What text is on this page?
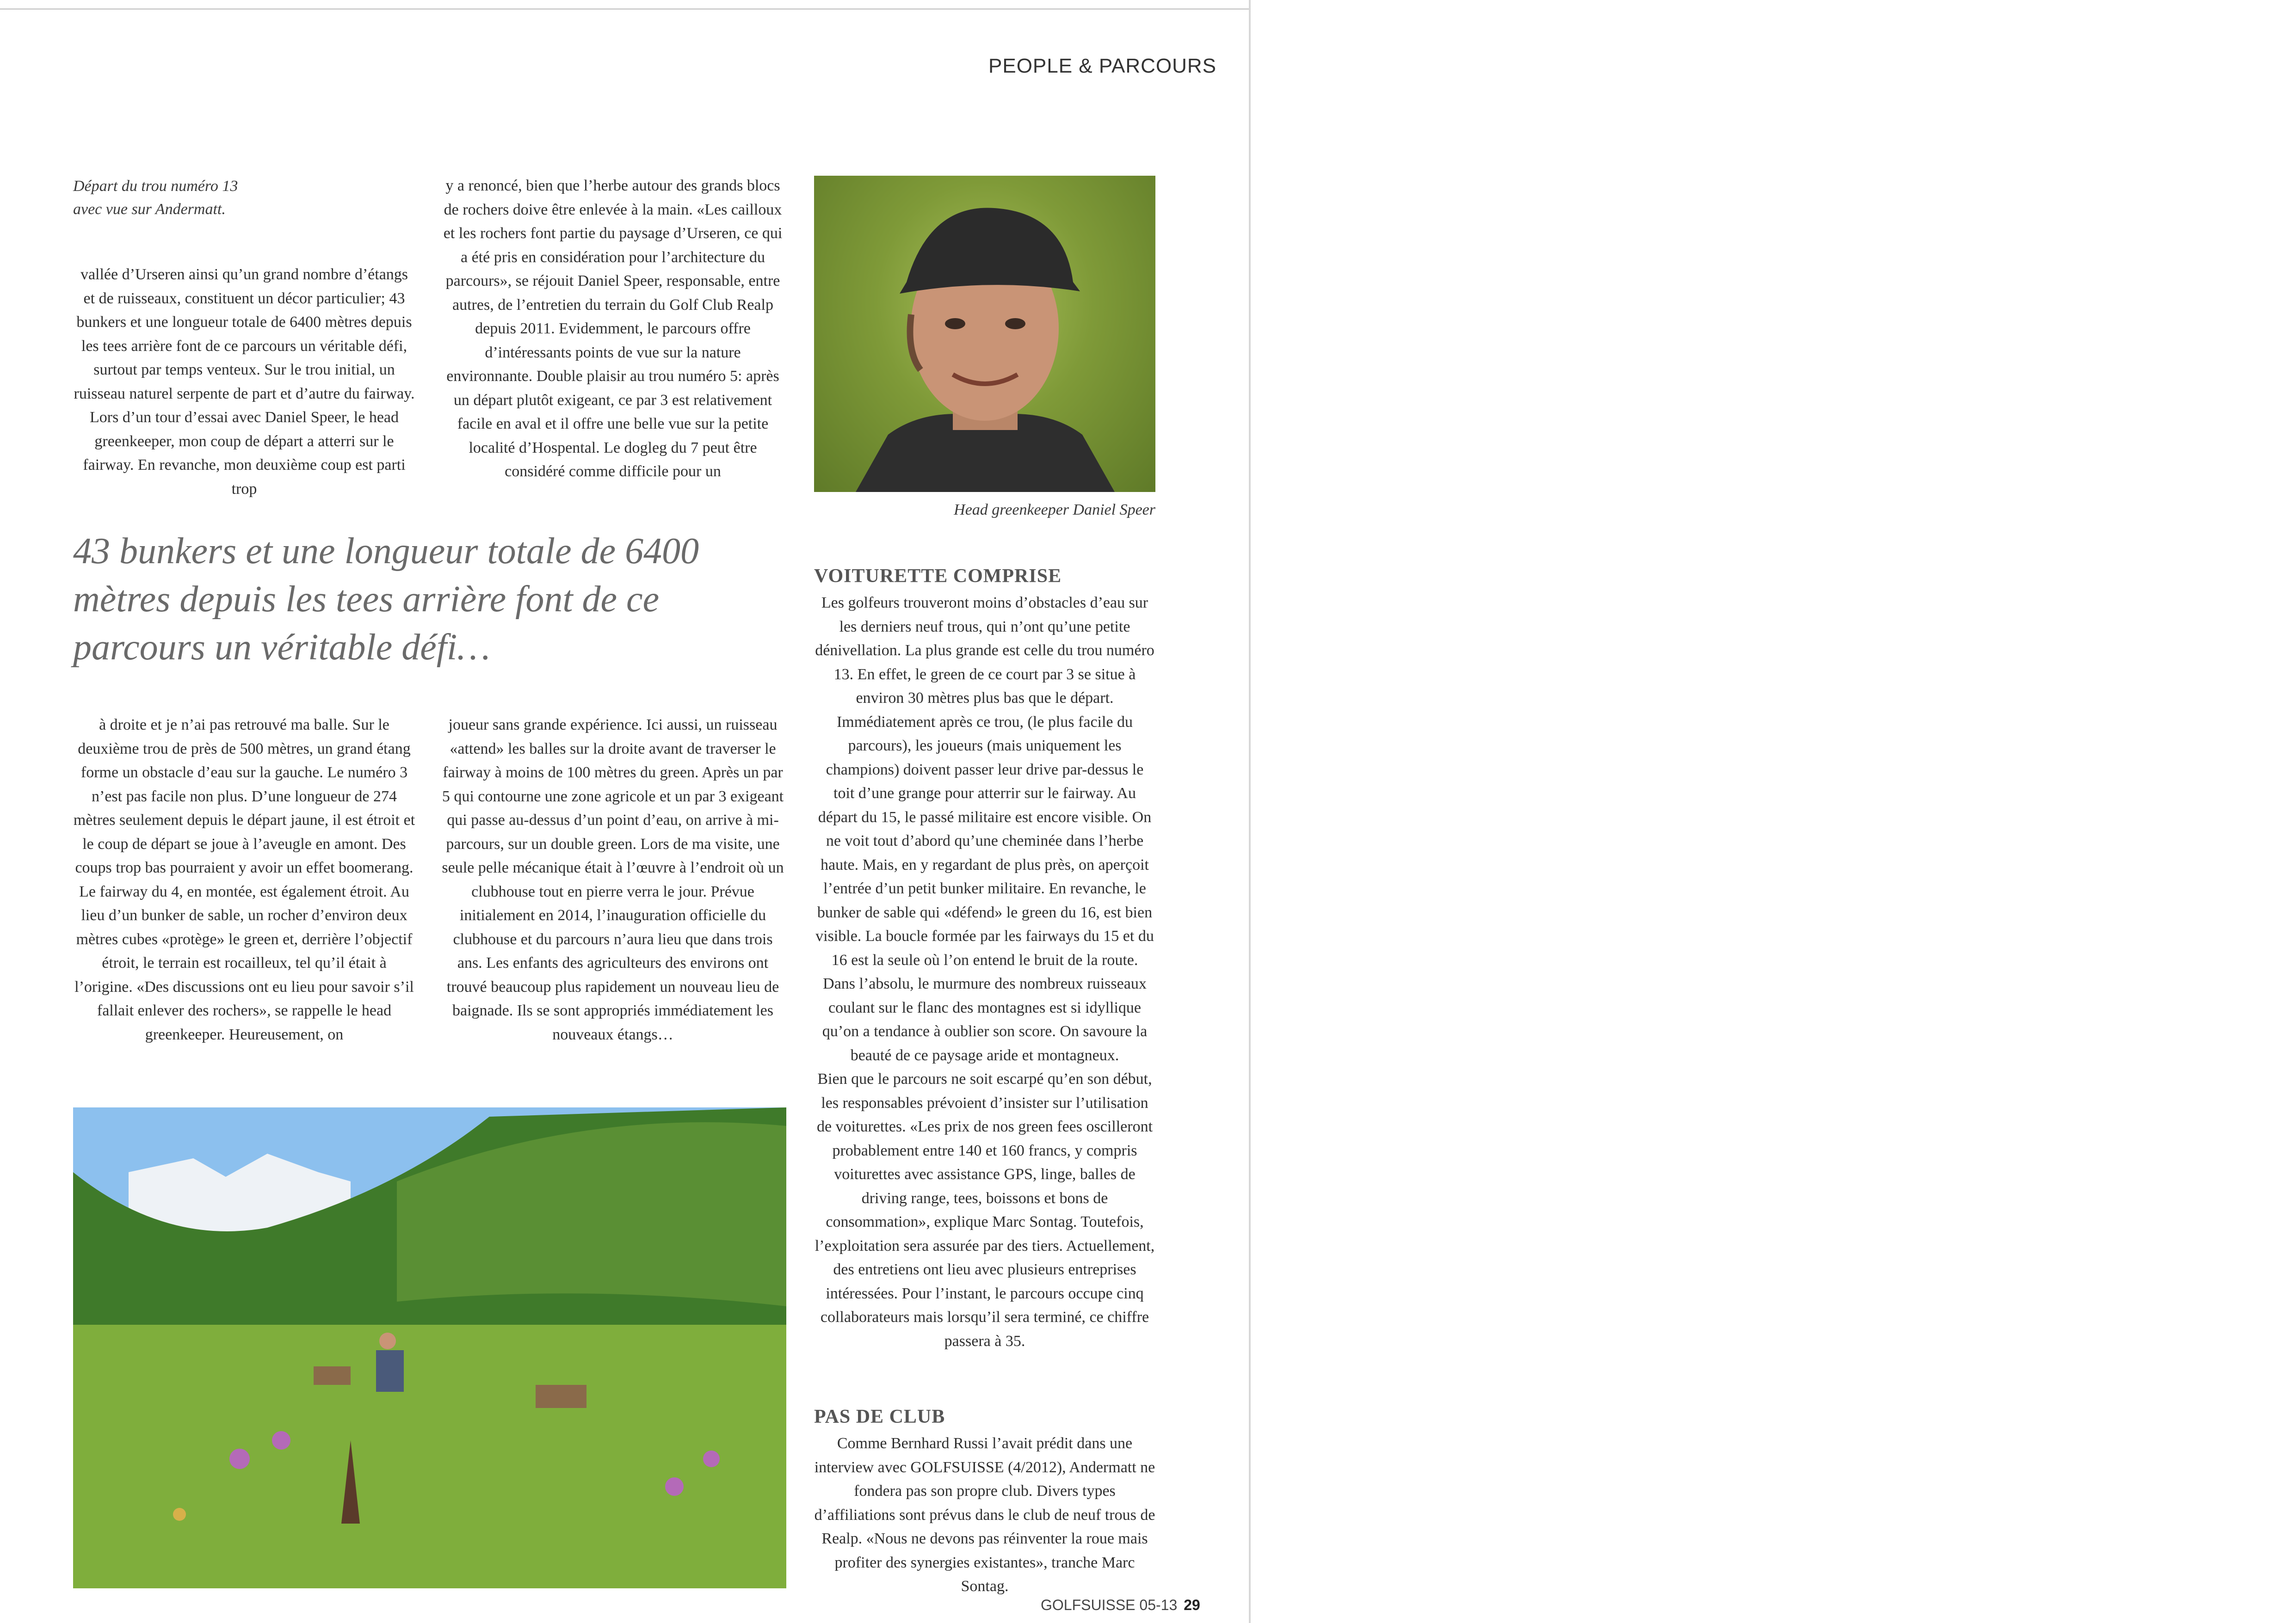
PEOPLE & PARCOURS
Départ du trou numéro 13
avec vue sur Andermatt.

vallée d’Urseren ainsi qu’un grand nombre d’étangs et de ruisseaux, constituent un décor particulier; 43 bunkers et une longueur totale de 6400 mètres depuis les tees arrière font de ce parcours un véritable défi, surtout par temps venteux. Sur le trou initial, un ruisseau naturel serpente de part et d’autre du fairway. Lors d’un tour d’essai avec Daniel Speer, le head greenkeeper, mon coup de départ a atterri sur le fairway. En revanche, mon deuxième coup est parti trop

y a renoncé, bien que l’herbe autour des grands blocs de rochers doive être enlevée à la main. «Les cailloux et les rochers font partie du paysage d’Urseren, ce qui a été pris en considération pour l’architecture du parcours», se réjouit Daniel Speer, responsable, entre autres, de l’entretien du terrain du Golf Club Realp depuis 2011. Evidemment, le parcours offre d’intéressants points de vue sur la nature environnante. Double plaisir au trou numéro 5: après un départ plutôt exigeant, ce par 3 est relativement facile en aval et il offre une belle vue sur la petite localité d’Hospental. Le dogleg du 7 peut être considéré comme difficile pour un

Head greenkeeper Daniel Speer
43 bunkers et une longueur totale de 6400 mètres depuis les tees arrière font de ce parcours un véritable défi…
VOITURETTE COMPRISE

Les golfeurs trouveront moins d’obstacles d’eau sur les derniers neuf trous, qui n’ont qu’une petite dénivellation. La plus grande est celle du trou numéro 13. En effet, le green de ce court par 3 se situe à environ 30 mètres plus bas que le départ. Immédiatement après ce trou, (le plus facile du parcours), les joueurs (mais uniquement les champions) doivent passer leur drive par-dessus le toit d’une grange pour atterrir sur le fairway. Au départ du 15, le passé militaire est encore visible. On ne voit tout d’abord qu’une cheminée dans l’herbe haute. Mais, en y regardant de plus près, on aperçoit l’entrée d’un petit bunker militaire. En revanche, le bunker de sable qui «défend» le green du 16, est bien visible. La boucle formée par les fairways du 15 et du 16 est la seule où l’on entend le bruit de la route. Dans l’absolu, le murmure des nombreux ruisseaux coulant sur le flanc des montagnes est si idyllique qu’on a tendance à oublier son score. On savoure la beauté de ce paysage aride et montagneux.

Bien que le parcours ne soit escarpé qu’en son début, les responsables prévoient d’insister sur l’utilisation de voiturettes. «Les prix de nos green fees oscilleront probablement entre 140 et 160 francs, y compris voiturettes avec assistance GPS, linge, balles de driving range, tees, boissons et bons de consommation», explique Marc Sontag. Toutefois, l’exploitation sera assurée par des tiers. Actuellement, des entretiens ont lieu avec plusieurs entreprises intéressées. Pour l’instant, le parcours occupe cinq collaborateurs mais lorsqu’il sera terminé, ce chiffre passera à 35.

à droite et je n’ai pas retrouvé ma balle. Sur le deuxième trou de près de 500 mètres, un grand étang forme un obstacle d’eau sur la gauche. Le numéro 3 n’est pas facile non plus. D’une longueur de 274 mètres seulement depuis le départ jaune, il est étroit et le coup de départ se joue à l’aveugle en amont. Des coups trop bas pourraient y avoir un effet boomerang. Le fairway du 4, en montée, est également étroit. Au lieu d’un bunker de sable, un rocher d’environ deux mètres cubes «protège» le green et, derrière l’objectif étroit, le terrain est rocailleux, tel qu’il était à l’origine. «Des discussions ont eu lieu pour savoir s’il fallait enlever des rochers», se rappelle le head greenkeeper. Heureusement, on

joueur sans grande expérience. Ici aussi, un ruisseau «attend» les balles sur la droite avant de traverser le fairway à moins de 100 mètres du green. Après un par 5 qui contourne une zone agricole et un par 3 exigeant qui passe au-dessus d’un point d’eau, on arrive à mi-parcours, sur un double green. Lors de ma visite, une seule pelle mécanique était à l’œuvre à l’endroit où un clubhouse tout en pierre verra le jour. Prévue initialement en 2014, l’inauguration officielle du clubhouse et du parcours n’aura lieu que dans trois ans. Les enfants des agriculteurs des environs ont trouvé beaucoup plus rapidement un nouveau lieu de baignade. Ils se sont appropriés immédiatement les nouveaux étangs…

PAS DE CLUB

Comme Bernhard Russi l’avait prédit dans une interview avec GOLFSUISSE (4/2012), Andermatt ne fondera pas son propre club. Divers types d’affiliations sont prévus dans le club de neuf trous de Realp. «Nous ne devons pas réinventer la roue mais profiter des synergies existantes», tranche Marc Sontag.

GOLFSUISSE 05-13 29
